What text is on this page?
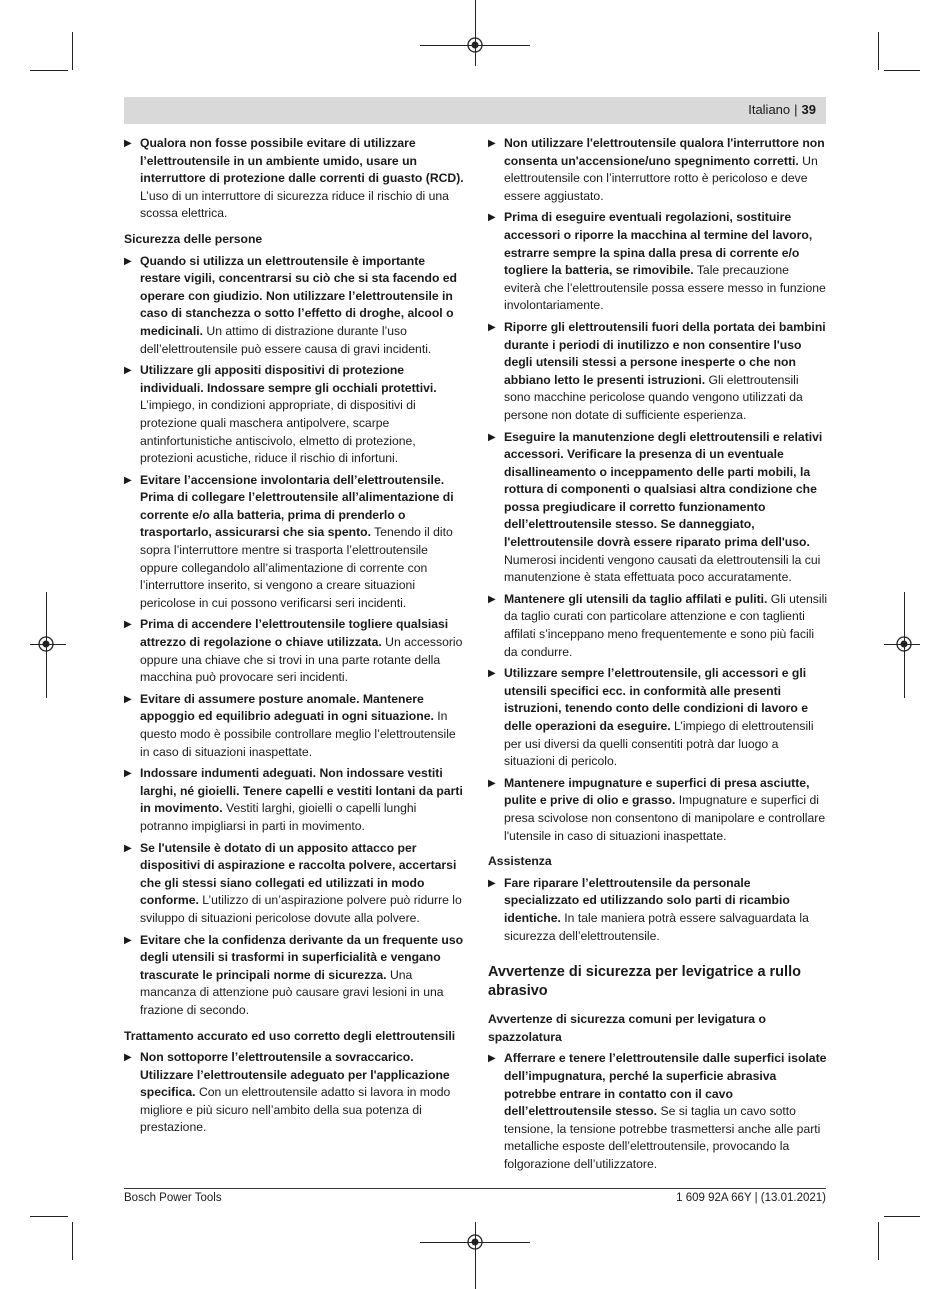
Italiano | 39
▶ Qualora non fosse possibile evitare di utilizzare l’elettroutensile in un ambiente umido, usare un interruttore di protezione dalle correnti di guasto (RCD). L’uso di un interruttore di sicurezza riduce il rischio di una scossa elettrica.
Sicurezza delle persone
▶ Quando si utilizza un elettroutensile è importante restare vigili, concentrarsi su ciò che si sta facendo ed operare con giudizio. Non utilizzare l’elettroutensile in caso di stanchezza o sotto l’effetto di droghe, alcool o medicinali. Un attimo di distrazione durante l’uso dell’elettroutensile può essere causa di gravi incidenti.
▶ Utilizzare gli appositi dispositivi di protezione individuali. Indossare sempre gli occhiali protettivi. L’impiego, in condizioni appropriate, di dispositivi di protezione quali maschera antipolvere, scarpe antinfortunistiche antiscivolo, elmetto di protezione, protezioni acustiche, riduce il rischio di infortuni.
▶ Evitare l’accensione involontaria dell’elettroutensile. Prima di collegare l’elettroutensile all’alimentazione di corrente e/o alla batteria, prima di prenderlo o trasportarlo, assicurarsi che sia spento. Tenendo il dito sopra l’interruttore mentre si trasporta l’elettroutensile oppure collegandolo all’alimentazione di corrente con l’interruttore inserito, si vengono a creare situazioni pericolose in cui possono verificarsi seri incidenti.
▶ Prima di accendere l’elettroutensile togliere qualsiasi attrezzo di regolazione o chiave utilizzata. Un accessorio oppure una chiave che si trovi in una parte rotante della macchina può provocare seri incidenti.
▶ Evitare di assumere posture anomale. Mantenere appoggio ed equilibrio adeguati in ogni situazione. In questo modo è possibile controllare meglio l’elettroutensile in caso di situazioni inaspettate.
▶ Indossare indumenti adeguati. Non indossare vestiti larghi, né gioielli. Tenere capelli e vestiti lontani da parti in movimento. Vestiti larghi, gioielli o capelli lunghi potranno impigliarsi in parti in movimento.
▶ Se l'utensile è dotato di un apposito attacco per dispositivi di aspirazione e raccolta polvere, accertarsi che gli stessi siano collegati ed utilizzati in modo conforme. L’utilizzo di un’aspirazione polvere può ridurre lo sviluppo di situazioni pericolose dovute alla polvere.
▶ Evitare che la confidenza derivante da un frequente uso degli utensili si trasformi in superficialità e vengano trascurate le principali norme di sicurezza. Una mancanza di attenzione può causare gravi lesioni in una frazione di secondo.
Trattamento accurato ed uso corretto degli elettroutensili
▶ Non sottoporre l’elettroutensile a sovraccarico. Utilizzare l’elettroutensile adeguato per l'applicazione specifica. Con un elettroutensile adatto si lavora in modo migliore e più sicuro nell’ambito della sua potenza di prestazione.
▶ Non utilizzare l'elettroutensile qualora l'interruttore non consenta un'accensione/uno spegnimento corretti. Un elettroutensile con l’interruttore rotto è pericoloso e deve essere aggiustato.
▶ Prima di eseguire eventuali regolazioni, sostituire accessori o riporre la macchina al termine del lavoro, estrarre sempre la spina dalla presa di corrente e/o togliere la batteria, se rimovibile. Tale precauzione eviterà che l’elettroutensile possa essere messo in funzione involontariamente.
▶ Riporre gli elettroutensili fuori della portata dei bambini durante i periodi di inutilizzo e non consentire l'uso degli utensili stessi a persone inesperte o che non abbiano letto le presenti istruzioni. Gli elettroutensili sono macchine pericolose quando vengono utilizzati da persone non dotate di sufficiente esperienza.
▶ Eseguire la manutenzione degli elettroutensili e relativi accessori. Verificare la presenza di un eventuale disallineamento o inceppamento delle parti mobili, la rottura di componenti o qualsiasi altra condizione che possa pregiudicare il corretto funzionamento dell’elettroutensile stesso. Se danneggiato, l'elettroutensile dovrà essere riparato prima dell'uso. Numerosi incidenti vengono causati da elettroutensili la cui manutenzione è stata effettuata poco accuratamente.
▶ Mantenere gli utensili da taglio affilati e puliti. Gli utensili da taglio curati con particolare attenzione e con taglienti affilati s’inceppano meno frequentemente e sono più facili da condurre.
▶ Utilizzare sempre l’elettroutensile, gli accessori e gli utensili specifici ecc. in conformità alle presenti istruzioni, tenendo conto delle condizioni di lavoro e delle operazioni da eseguire. L’impiego di elettroutensili per usi diversi da quelli consentiti potrà dar luogo a situazioni di pericolo.
▶ Mantenere impugnature e superfici di presa asciutte, pulite e prive di olio e grasso. Impugnature e superfici di presa scivolose non consentono di manipolare e controllare l'utensile in caso di situazioni inaspettate.
Assistenza
▶ Fare riparare l’elettroutensile da personale specializzato ed utilizzando solo parti di ricambio identiche. In tale maniera potrà essere salvaguardata la sicurezza dell’elettroutensile.
Avvertenze di sicurezza per levigatrice a rullo abrasivo
Avvertenze di sicurezza comuni per levigatura o spazzolatura
▶ Afferrare e tenere l’elettroutensile dalle superfici isolate dell’impugnatura, perché la superficie abrasiva potrebbe entrare in contatto con il cavo dell’elettroutensile stesso. Se si taglia un cavo sotto tensione, la tensione potrebbe trasmettersi anche alle parti metalliche esposte dell’elettroutensile, provocando la folgorazione dell’utilizzatore.
Bosch Power Tools	1 609 92A 66Y | (13.01.2021)
